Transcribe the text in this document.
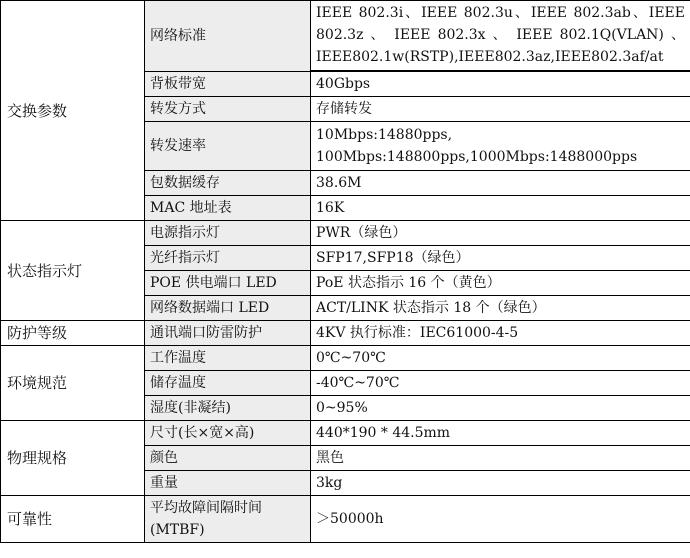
交换参数	网络标准	IEEE 802.3i、IEEE 802.3u、IEEE 802.3ab、IEEE 802.3z 、 IEEE 802.3x 、 IEEE 802.1Q(VLAN) 、 IEEE802.1w(RSTP),IEEE802.3az,IEEE802.3af/at

	背板带宽	40Gbps
	转发方式	存储转发
	转发速率	10Mbps:14880pps, 100Mbps:148800pps,1000Mbps:1488000pps
	包数据缓存	38.6M
	MAC 地址表	16K
状态指示灯	电源指示灯	PWR（绿色）
	光纤指示灯	SFP17,SFP18（绿色）
	POE 供电端口 LED	PoE 状态指示 16 个（黄色）
	网络数据端口 LED	ACT/LINK 状态指示 18 个（绿色）
防护等级	通讯端口防雷防护	4KV 执行标准：IEC61000-4-5
环境规范	工作温度	0℃~70℃
	储存温度	-40℃~70℃
	湿度(非凝结)	0~95%
物理规格	尺寸(长×宽×高)	440*190 * 44.5mm
	颜色	黑色
	重量	3kg
可靠性	平均故障间隔时间 (MTBF)	＞50000h
